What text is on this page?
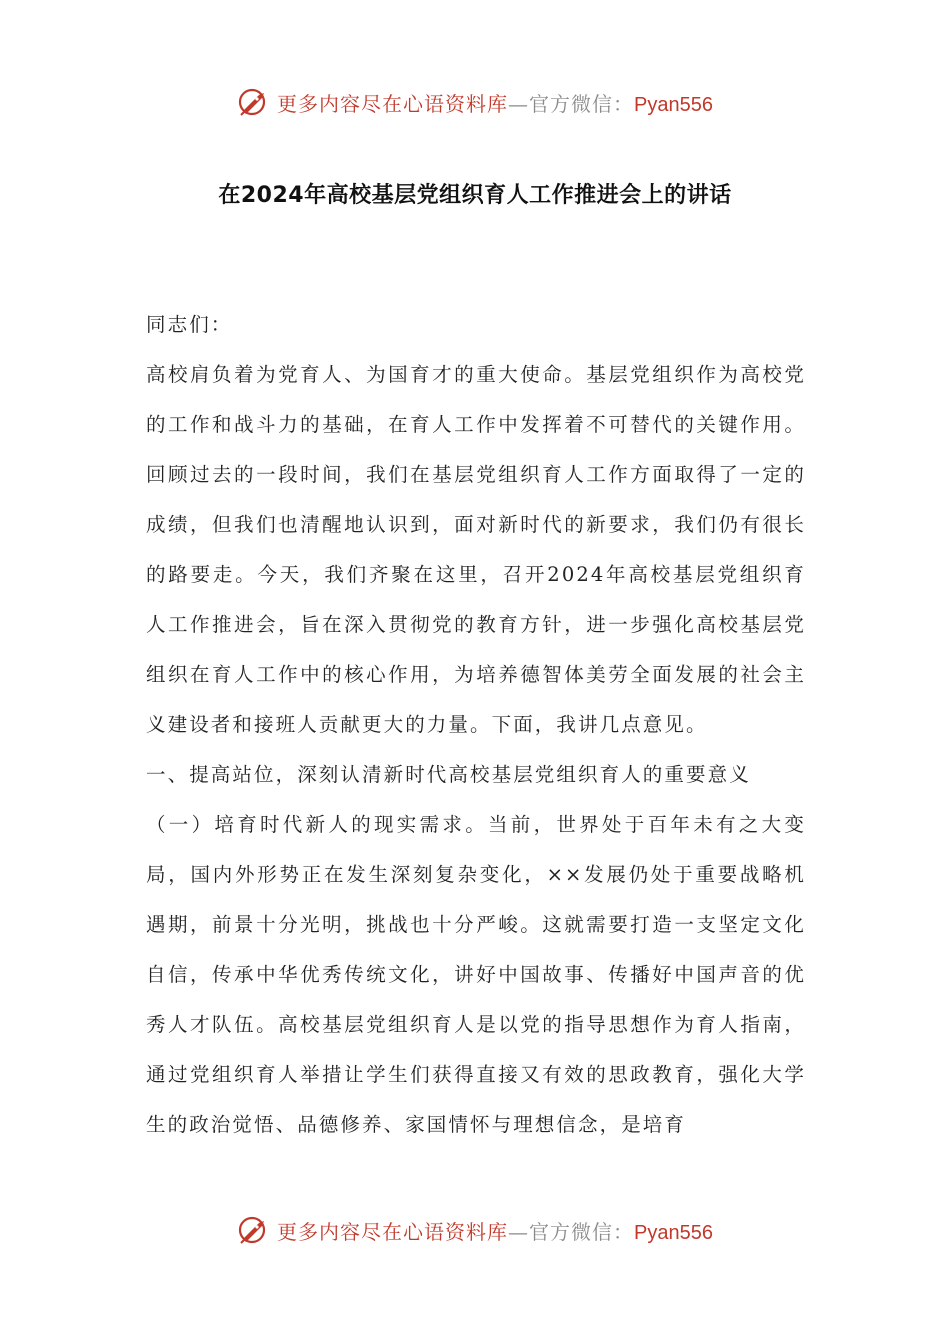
更多内容尽在心语资料库—官方微信：Pyan556
在2024年高校基层党组织育人工作推进会上的讲话

同志们：

高校肩负着为党育人、为国育才的重大使命。基层党组织作为高校党的工作和战斗力的基础，在育人工作中发挥着不可替代的关键作用。回顾过去的一段时间，我们在基层党组织育人工作方面取得了一定的成绩，但我们也清醒地认识到，面对新时代的新要求，我们仍有很长的路要走。今天，我们齐聚在这里，召开2024年高校基层党组织育人工作推进会，旨在深入贯彻党的教育方针，进一步强化高校基层党组织在育人工作中的核心作用，为培养德智体美劳全面发展的社会主义建设者和接班人贡献更大的力量。下面，我讲几点意见。

一、提高站位，深刻认清新时代高校基层党组织育人的重要意义

（一）培育时代新人的现实需求。当前，世界处于百年未有之大变局，国内外形势正在发生深刻复杂变化，××发展仍处于重要战略机遇期，前景十分光明，挑战也十分严峻。这就需要打造一支坚定文化自信，传承中华优秀传统文化，讲好中国故事、传播好中国声音的优秀人才队伍。高校基层党组织育人是以党的指导思想作为育人指南，通过党组织育人举措让学生们获得直接又有效的思政教育，强化大学生的政治觉悟、品德修养、家国情怀与理想信念，是培育

更多内容尽在心语资料库—官方微信：Pyan556
